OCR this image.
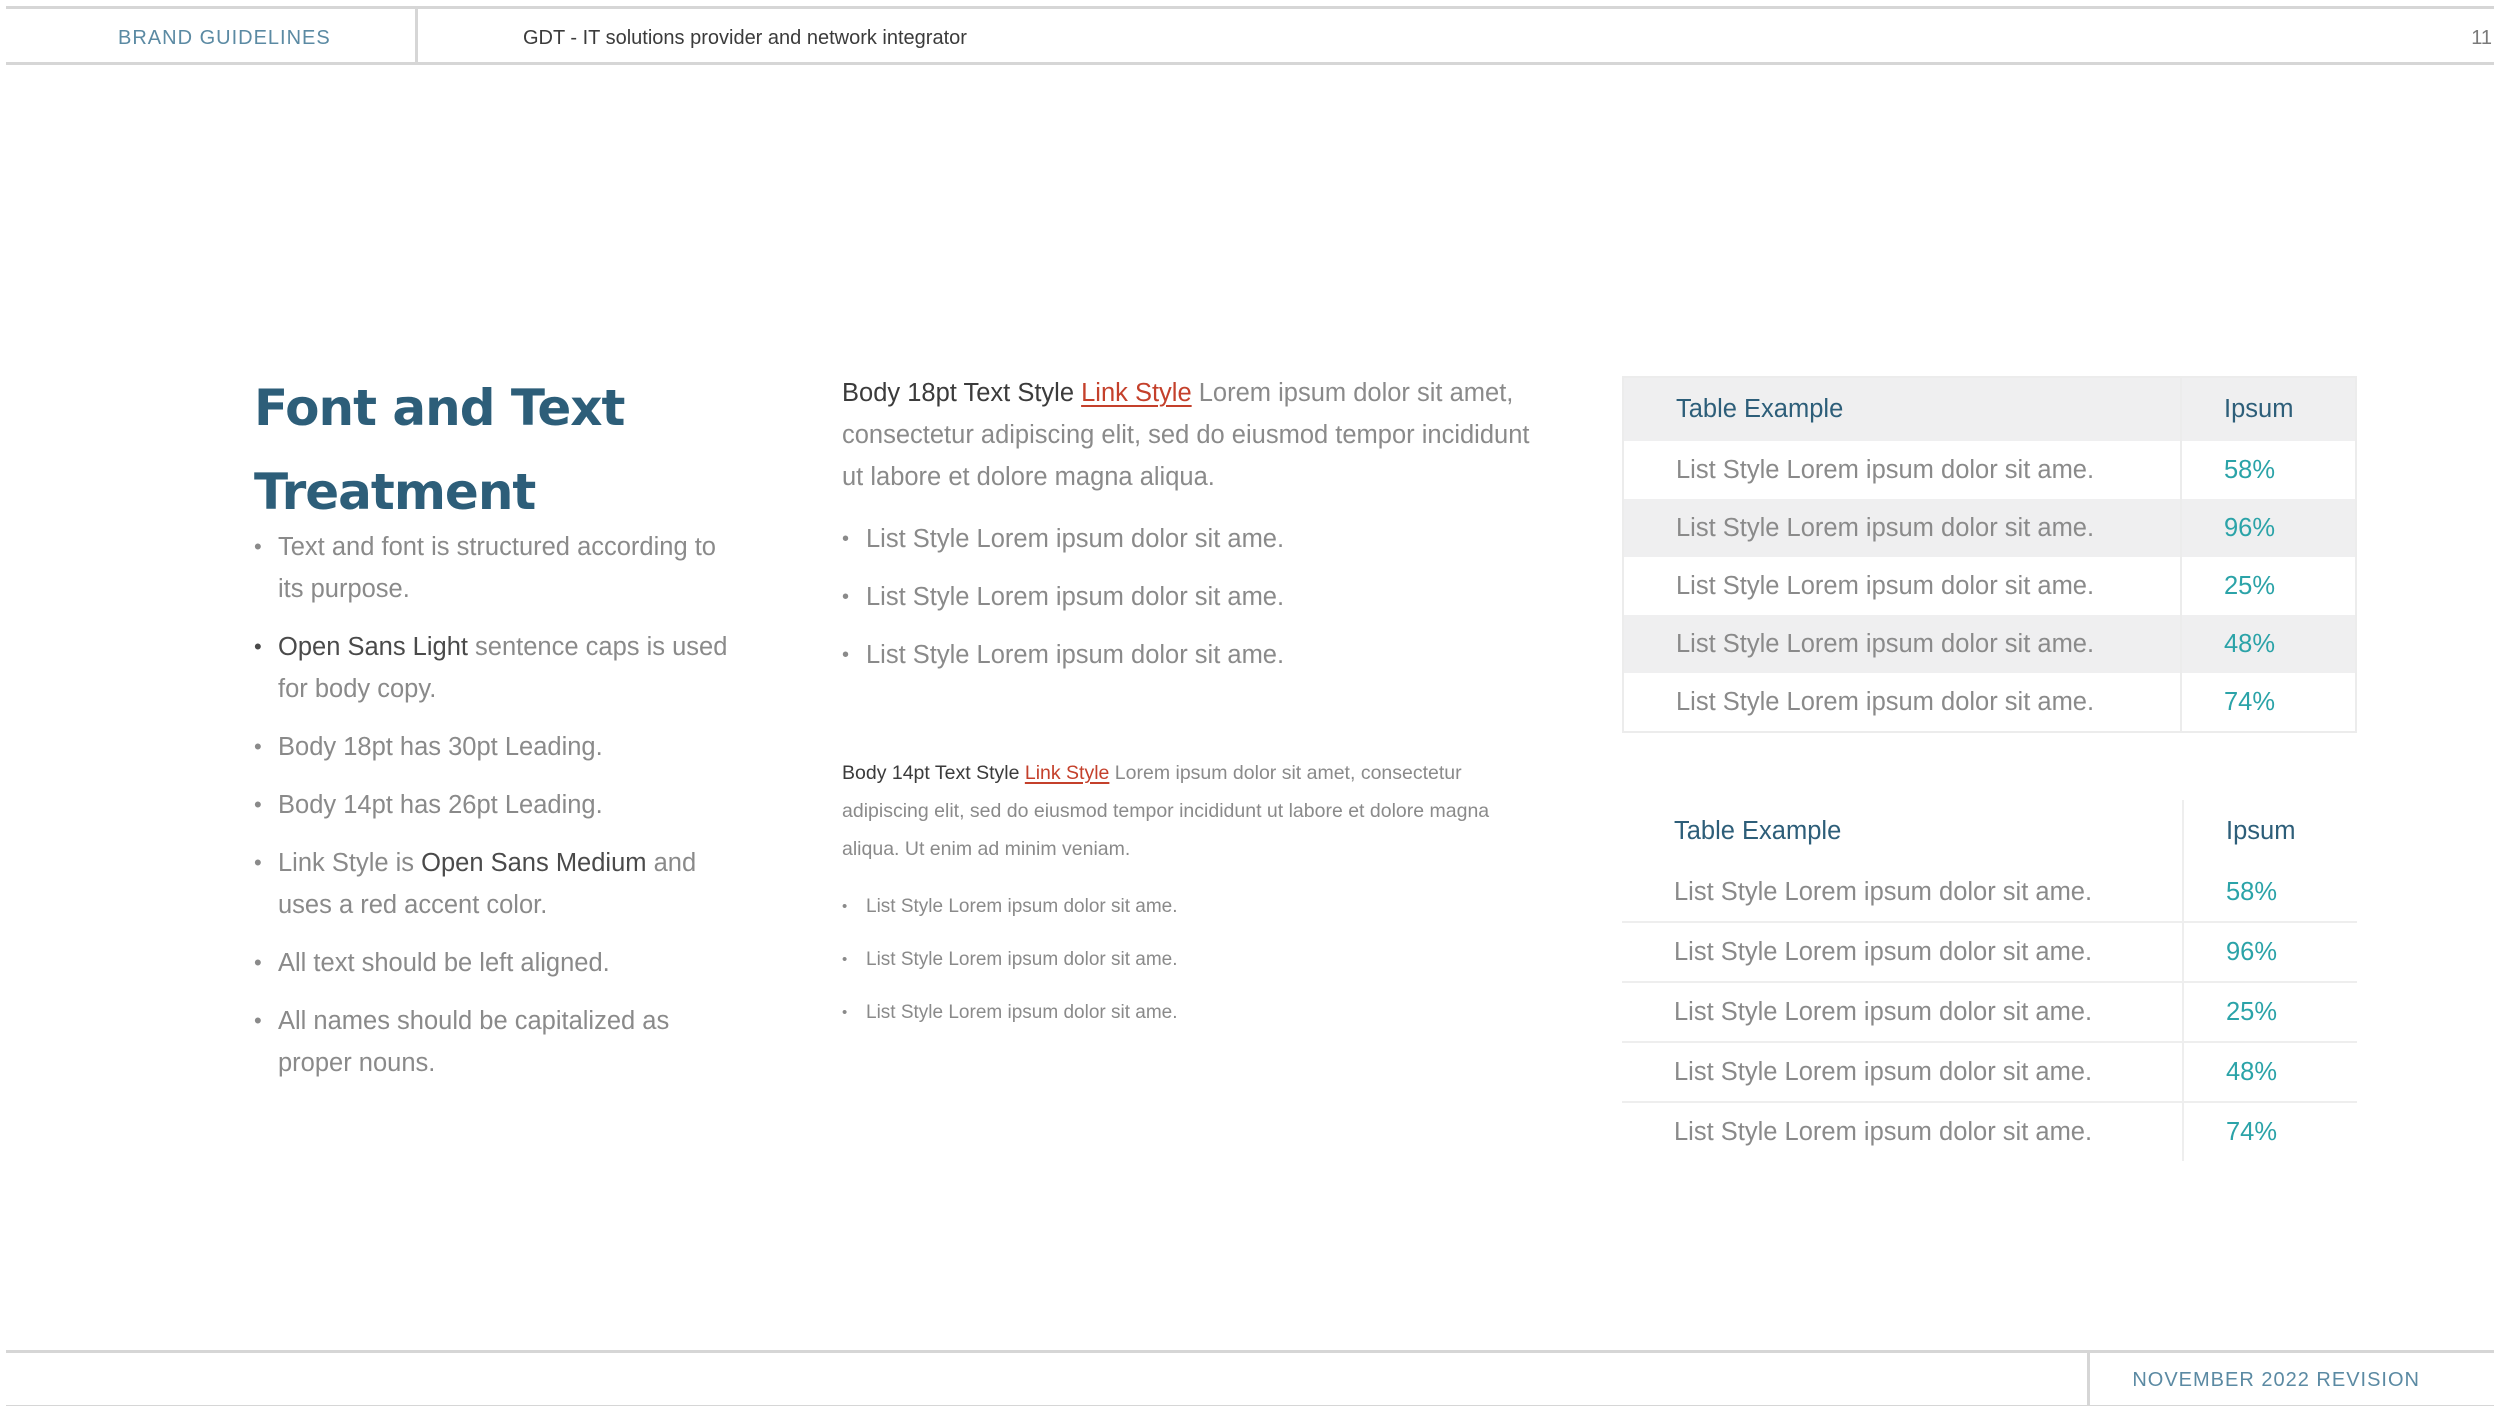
BRAND GUIDELINES	GDT - IT solutions provider and network integrator	11
Font and Text
Treatment
• Text and font is structured according to its purpose.
• Open Sans Light sentence caps is used for body copy.
• Body 18pt has 30pt Leading.
• Body 14pt has 26pt Leading.
• Link Style is Open Sans Medium and uses a red accent color.
• All text should be left aligned.
• All names should be capitalized as proper nouns.
Body 18pt Text Style Link Style Lorem ipsum dolor sit amet, consectetur adipiscing elit, sed do eiusmod tempor incididunt ut labore et dolore magna aliqua.
• List Style Lorem ipsum dolor sit ame.
• List Style Lorem ipsum dolor sit ame.
• List Style Lorem ipsum dolor sit ame.
Body 14pt Text Style Link Style Lorem ipsum dolor sit amet, consectetur adipiscing elit, sed do eiusmod tempor incididunt ut labore et dolore magna aliqua. Ut enim ad minim veniam.
• List Style Lorem ipsum dolor sit ame.
• List Style Lorem ipsum dolor sit ame.
• List Style Lorem ipsum dolor sit ame.
Table Example	Ipsum
List Style Lorem ipsum dolor sit ame.	58%
List Style Lorem ipsum dolor sit ame.	96%
List Style Lorem ipsum dolor sit ame.	25%
List Style Lorem ipsum dolor sit ame.	48%
List Style Lorem ipsum dolor sit ame.	74%
Table Example	Ipsum
List Style Lorem ipsum dolor sit ame.	58%
List Style Lorem ipsum dolor sit ame.	96%
List Style Lorem ipsum dolor sit ame.	25%
List Style Lorem ipsum dolor sit ame.	48%
List Style Lorem ipsum dolor sit ame.	74%
NOVEMBER 2022 REVISION
